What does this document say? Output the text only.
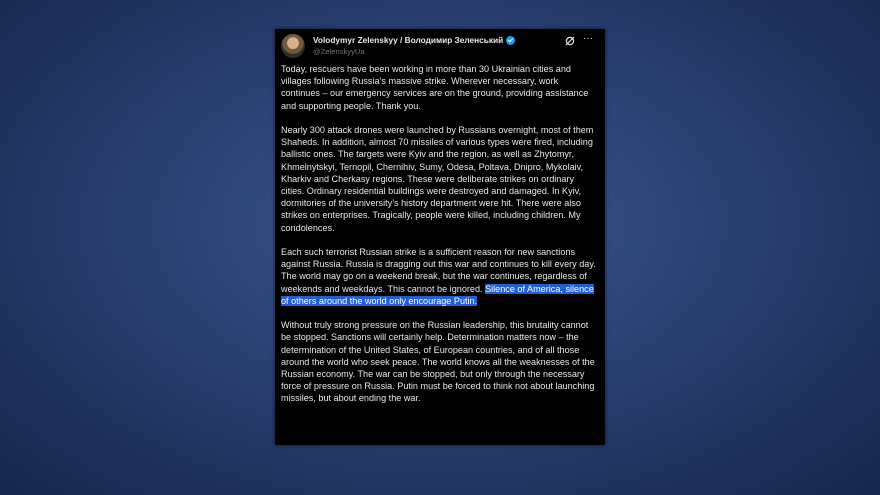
Volodymyr Zelenskyy / Володимир Зеленський
@ZelenskyyUa
···

Today, rescuers have been working in more than 30 Ukrainian cities and villages following Russia’s massive strike. Wherever necessary, work continues – our emergency services are on the ground, providing assistance and supporting people. Thank you.

Nearly 300 attack drones were launched by Russians overnight, most of them Shaheds. In addition, almost 70 missiles of various types were fired, including ballistic ones. The targets were Kyiv and the region, as well as Zhytomyr, Khmelnytskyi, Ternopil, Chernihiv, Sumy, Odesa, Poltava, Dnipro, Mykolaiv, Kharkiv and Cherkasy regions. These were deliberate strikes on ordinary cities. Ordinary residential buildings were destroyed and damaged. In Kyiv, dormitories of the university’s history department were hit. There were also strikes on enterprises. Tragically, people were killed, including children. My condolences.

Each such terrorist Russian strike is a sufficient reason for new sanctions against Russia. Russia is dragging out this war and continues to kill every day. The world may go on a weekend break, but the war continues, regardless of weekends and weekdays. This cannot be ignored. Silence of America, silence of others around the world only encourage Putin.

Without truly strong pressure on the Russian leadership, this brutality cannot be stopped. Sanctions will certainly help. Determination matters now – the determination of the United States, of European countries, and of all those around the world who seek peace. The world knows all the weaknesses of the Russian economy. The war can be stopped, but only through the necessary force of pressure on Russia. Putin must be forced to think not about launching missiles, but about ending the war.
